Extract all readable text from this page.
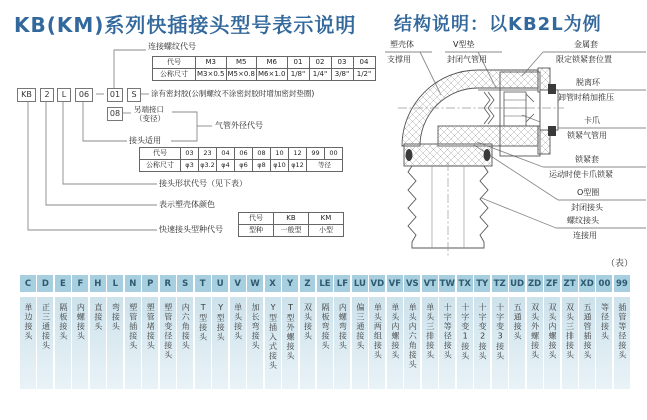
KB(KM)系列快插接头型号表示说明 结构说明：以KB2L为例
KB	2	L	06	01	S
08
连接螺纹代号
涂有密封胶(公制螺纹不涂密封胶时增加密封垫圈)
另端接口
（变径）
气管外径代号
接头适用
接头形状代号（见下表）
表示塑壳体颜色
快速接头型种代号
代号	M3	M5	M6	01	02	03	04
公称尺寸	M3×0.5	M5×0.8	M6×1.0	1/8"	1/4"	3/8"	1/2"
代号	03	23	04	06	08	10	12	99	00
公称尺寸	φ3	φ3.2	φ4	φ6	φ8	φ10	φ12	等径	
代号	KB	KM
型种	一般型	小型
塑壳体
支撑用
V型垫
封闭气管用
金属套
限定锁紧套位置
脱离环
卸管时稍加推压
卡爪
锁紧气管用
锁紧套
运动时使卡爪锁紧
O型圈
封闭接头
螺纹接头
连接用
（表）
C
单边接头
D
正三通接头
E
隔板接头
F
内螺接头
H
直接头
L
弯接头
N
塑管插接头
P
塑管堵接头
R
塑管变径接头
S
内六角接头
T
T型接头
U
Y型接头
V
单头接头
W
加长弯接头
X
Y型插入式接头
Y
T型外螺接头
Z
双头接头
LE
隔板弯接头
LF
内螺弯接头
LU
偏三通接头
VD
单头两组接头
VF
单头内螺接头
VS
单头内六角接头
VT
单头三排接头
TW
十字等径接头
TX
十字变1接头
TY
十字变2接头
TZ
十字变3接头
UD
五通接头
ZD
双头外螺接头
ZF
双头内螺接头
ZT
双头三排接头
XD
五通管插接头
00
等径接头
99
插管等径接头
